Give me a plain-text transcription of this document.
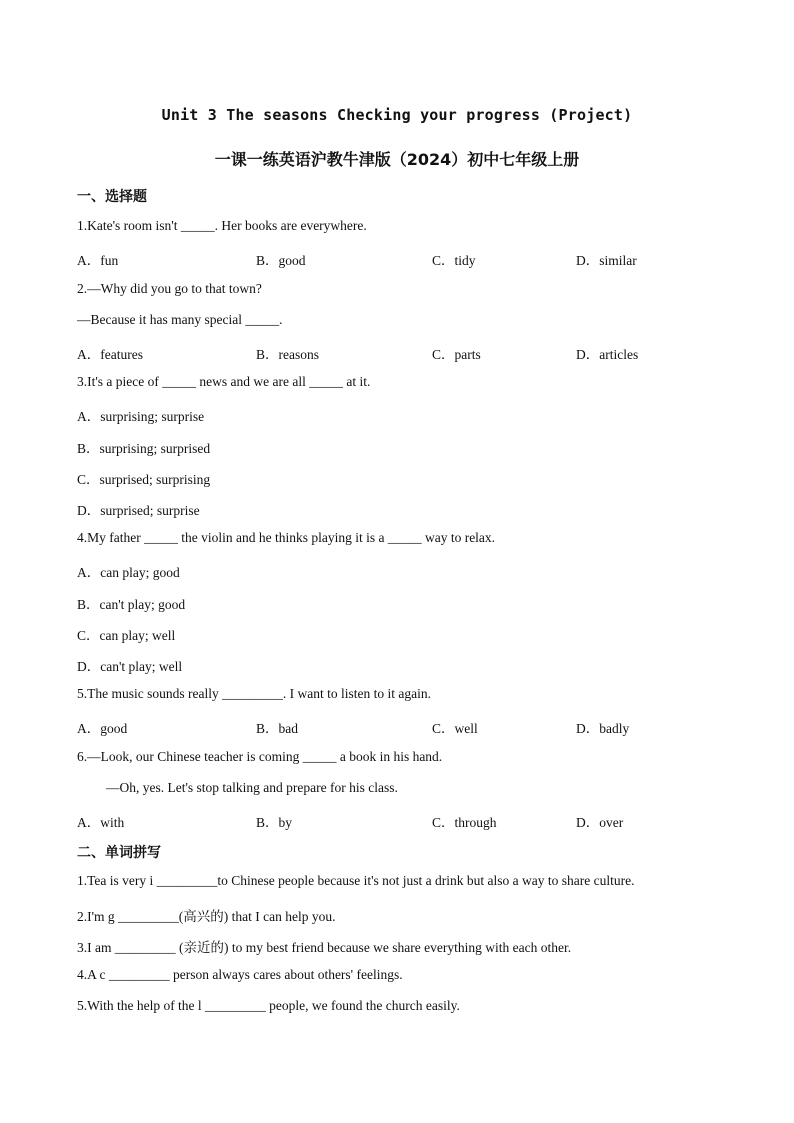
Unit 3 The seasons Checking your progress (Project)
一课一练英语沪教牛津版（2024）初中七年级上册
一、选择题
1.Kate's room isn't _____. Her books are everywhere.
A．fun	B．good	C．tidy	D．similar
2.—Why did you go to that town?
—Because it has many special _____.
A．features	B．reasons	C．parts	D．articles
3.It's a piece of _____ news and we are all _____ at it.
A．surprising; surprise
B．surprising; surprised
C．surprised; surprising
D．surprised; surprise
4.My father _____ the violin and he thinks playing it is a _____ way to relax.
A．can play; good
B．can't play; good
C．can play; well
D．can't play; well
5.The music sounds really _________. I want to listen to it again.
A．good	B．bad	C．well	D．badly
6.—Look, our Chinese teacher is coming _____ a book in his hand.
—Oh, yes. Let's stop talking and prepare for his class.
A．with	B．by	C．through	D．over
二、单词拼写
1.Tea is very i _________to Chinese people because it's not just a drink but also a way to share culture.
2.I'm g _________(高兴的) that I can help you.
3.I am _________ (亲近的) to my best friend because we share everything with each other.
4.A c _________ person always cares about others' feelings.
5.With the help of the l _________ people, we found the church easily.
